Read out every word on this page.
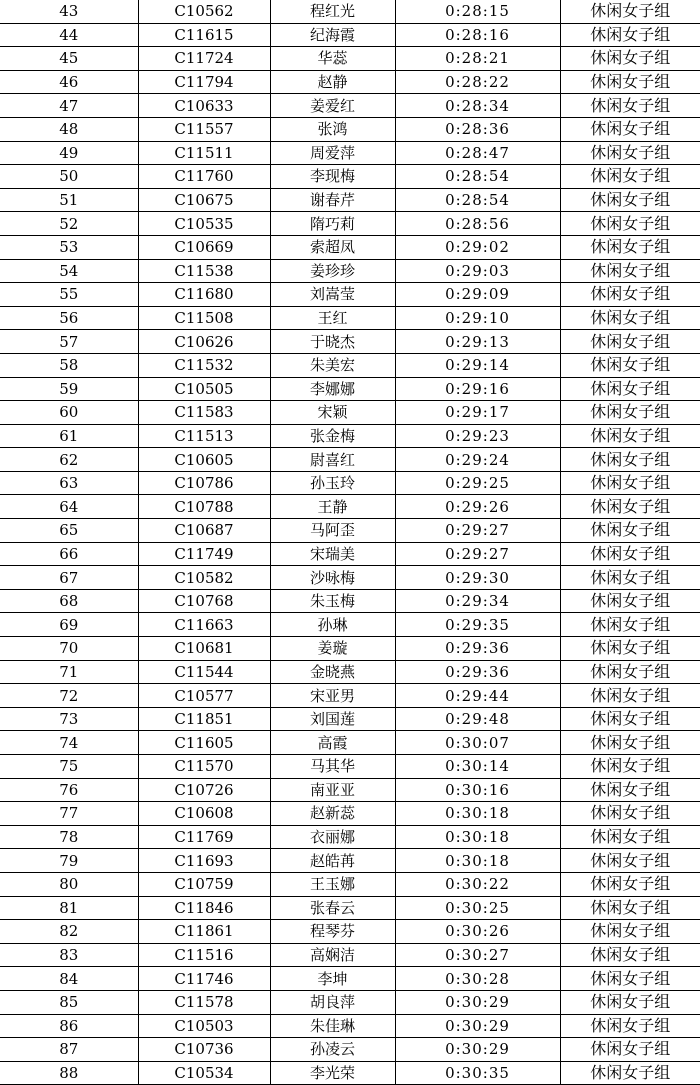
43	C10562	程红光	0:28:15	休闲女子组
44	C11615	纪海霞	0:28:16	休闲女子组
45	C11724	华蕊	0:28:21	休闲女子组
46	C11794	赵静	0:28:22	休闲女子组
47	C10633	姜爱红	0:28:34	休闲女子组
48	C11557	张鸿	0:28:36	休闲女子组
49	C11511	周爱萍	0:28:47	休闲女子组
50	C11760	李现梅	0:28:54	休闲女子组
51	C10675	谢春芹	0:28:54	休闲女子组
52	C10535	隋巧莉	0:28:56	休闲女子组
53	C10669	索超凤	0:29:02	休闲女子组
54	C11538	姜珍珍	0:29:03	休闲女子组
55	C11680	刘嵩莹	0:29:09	休闲女子组
56	C11508	王红	0:29:10	休闲女子组
57	C10626	于晓杰	0:29:13	休闲女子组
58	C11532	朱美宏	0:29:14	休闲女子组
59	C10505	李娜娜	0:29:16	休闲女子组
60	C11583	宋颖	0:29:17	休闲女子组
61	C11513	张金梅	0:29:23	休闲女子组
62	C10605	尉喜红	0:29:24	休闲女子组
63	C10786	孙玉玲	0:29:25	休闲女子组
64	C10788	王静	0:29:26	休闲女子组
65	C10687	马阿歪	0:29:27	休闲女子组
66	C11749	宋瑞美	0:29:27	休闲女子组
67	C10582	沙咏梅	0:29:30	休闲女子组
68	C10768	朱玉梅	0:29:34	休闲女子组
69	C11663	孙琳	0:29:35	休闲女子组
70	C10681	姜璇	0:29:36	休闲女子组
71	C11544	金晓燕	0:29:36	休闲女子组
72	C10577	宋亚男	0:29:44	休闲女子组
73	C11851	刘国莲	0:29:48	休闲女子组
74	C11605	高霞	0:30:07	休闲女子组
75	C11570	马其华	0:30:14	休闲女子组
76	C10726	南亚亚	0:30:16	休闲女子组
77	C10608	赵新蕊	0:30:18	休闲女子组
78	C11769	衣丽娜	0:30:18	休闲女子组
79	C11693	赵皓苒	0:30:18	休闲女子组
80	C10759	王玉娜	0:30:22	休闲女子组
81	C11846	张春云	0:30:25	休闲女子组
82	C11861	程琴芬	0:30:26	休闲女子组
83	C11516	高娴洁	0:30:27	休闲女子组
84	C11746	李坤	0:30:28	休闲女子组
85	C11578	胡良萍	0:30:29	休闲女子组
86	C10503	朱佳琳	0:30:29	休闲女子组
87	C10736	孙凌云	0:30:29	休闲女子组
88	C10534	李光荣	0:30:35	休闲女子组
